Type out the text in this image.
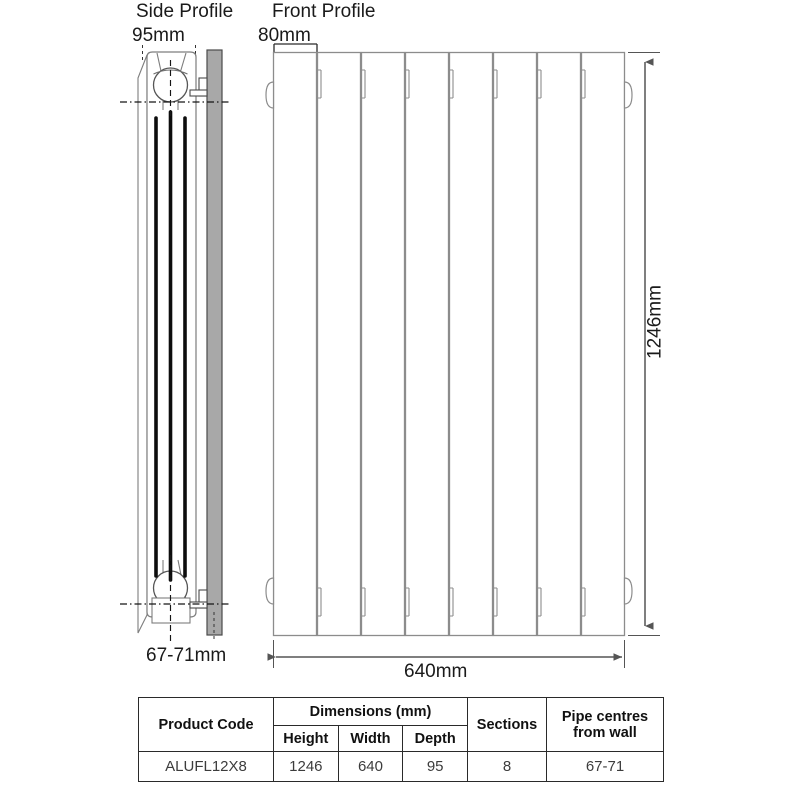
Side Profile Front Profile
95mm	80mm
67-71mm
640mm
1246mm
Product Code	Dimensions (mm)			Sections	Pipe centres from wall
	Height	Width	Depth		
ALUFL12X8	1246	640	95	8	67-71
